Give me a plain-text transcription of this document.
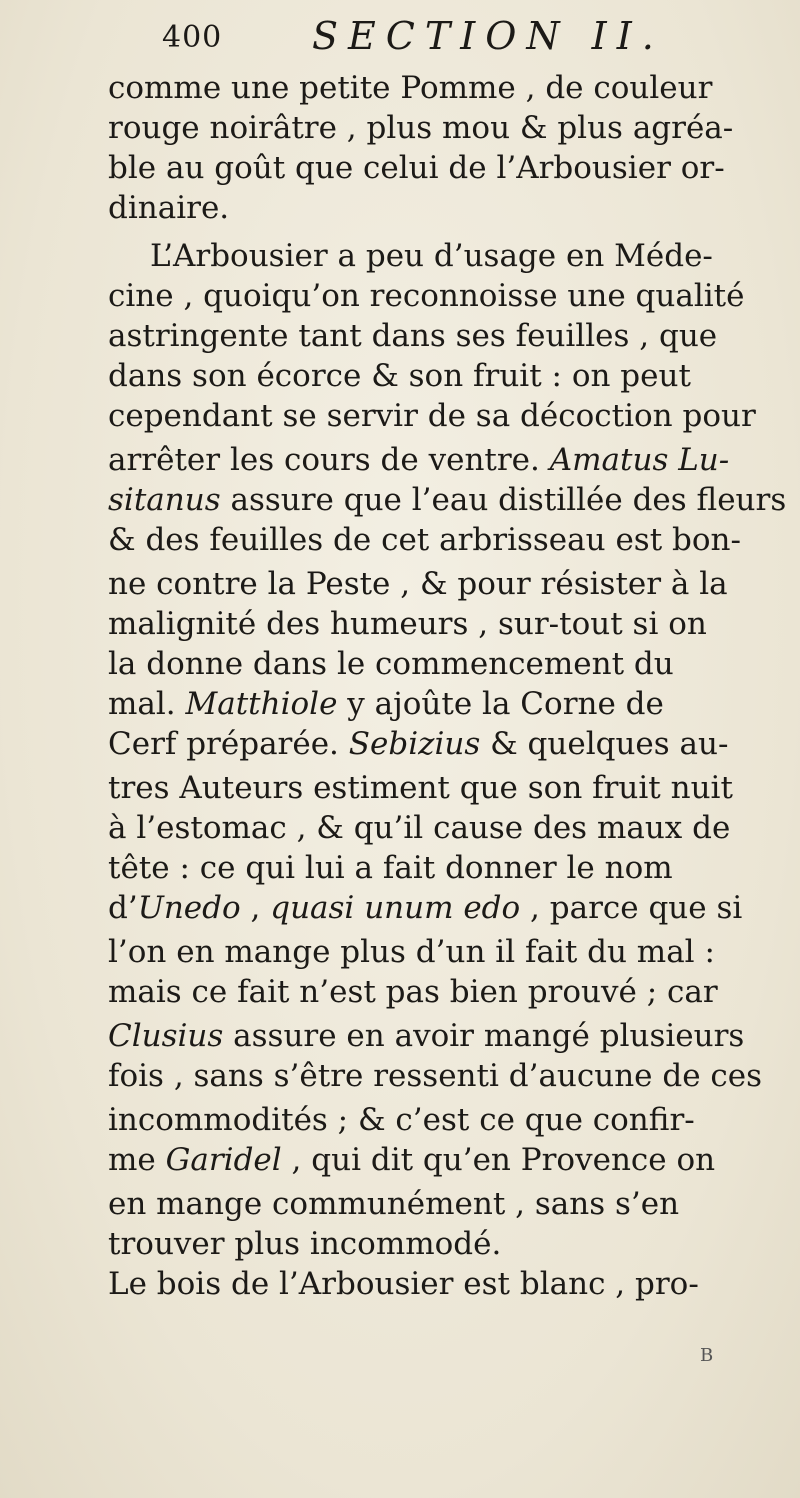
400 SECTION II.
comme une petite Pomme , de couleur
rouge noirâtre , plus mou & plus agréa-
ble au goût que celui de l’Arbousier or-
dinaire.
L’Arbousier a peu d’usage en Méde-
cine , quoiqu’on reconnoisse une qualité
astringente tant dans ses feuilles , que
dans son écorce & son fruit : on peut
cependant se servir de sa décoction pour
arrêter les cours de ventre. Amatus Lu-
sitanus assure que l’eau distillée des fleurs
& des feuilles de cet arbrisseau est bon-
ne contre la Peste , & pour résister à la
malignité des humeurs , sur-tout si on
la donne dans le commencement du
mal. Matthiole y ajoûte la Corne de
Cerf préparée. Sebizius & quelques au-
tres Auteurs estiment que son fruit nuit
à l’estomac , & qu’il cause des maux de
tête : ce qui lui a fait donner le nom
d’Unedo , quasi unum edo , parce que si
l’on en mange plus d’un il fait du mal :
mais ce fait n’est pas bien prouvé ; car
Clusius assure en avoir mangé plusieurs
fois , sans s’être ressenti d’aucune de ces
incommodités ; & c’est ce que confir-
me Garidel , qui dit qu’en Provence on
en mange communément , sans s’en
trouver plus incommodé.
Le bois de l’Arbousier est blanc , pro-
B
